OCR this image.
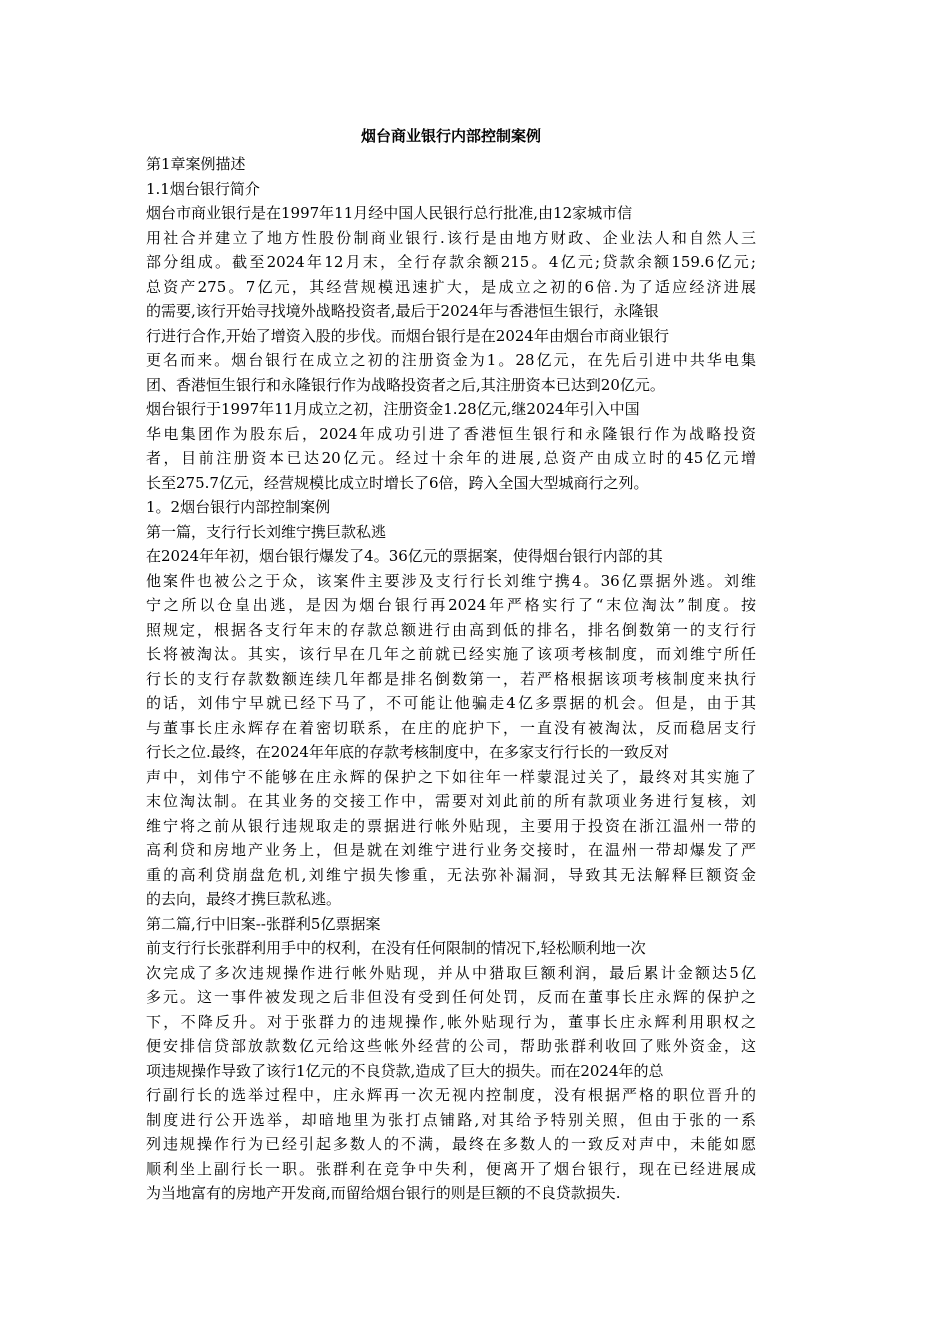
烟台商业银行内部控制案例
第1章案例描述
1.1烟台银行简介
烟台市商业银行是在1997年11月经中国人民银行总行批准,由12家城市信
用社合并建立了地方性股份制商业银行.该行是由地方财政、企业法人和自然人三
部分组成。截至2024年12月末，全行存款余额215。4亿元;贷款余额159.6亿元;
总资产275。7亿元，其经营规模迅速扩大，是成立之初的6倍.为了适应经济进展
的需要,该行开始寻找境外战略投资者,最后于2024年与香港恒生银行，永隆银
行进行合作,开始了增资入股的步伐。而烟台银行是在2024年由烟台市商业银行
更名而来。烟台银行在成立之初的注册资金为1。28亿元，在先后引进中共华电集
团、香港恒生银行和永隆银行作为战略投资者之后,其注册资本已达到20亿元。
烟台银行于1997年11月成立之初，注册资金1.28亿元,继2024年引入中国
华电集团作为股东后，2024年成功引进了香港恒生银行和永隆银行作为战略投资
者，目前注册资本已达20亿元。经过十余年的进展,总资产由成立时的45亿元增
长至275.7亿元，经营规模比成立时增长了6倍，跨入全国大型城商行之列。
1。2烟台银行内部控制案例
第一篇，支行行长刘维宁携巨款私逃
在2024年年初，烟台银行爆发了4。36亿元的票据案，使得烟台银行内部的其
他案件也被公之于众，该案件主要涉及支行行长刘维宁携4。36亿票据外逃。刘维
宁之所以仓皇出逃，是因为烟台银行再2024年严格实行了“末位淘汰”制度。按
照规定，根据各支行年末的存款总额进行由高到低的排名，排名倒数第一的支行行
长将被淘汰。其实，该行早在几年之前就已经实施了该项考核制度，而刘维宁所任
行长的支行存款数额连续几年都是排名倒数第一，若严格根据该项考核制度来执行
的话，刘伟宁早就已经下马了，不可能让他骗走4亿多票据的机会。但是，由于其
与董事长庄永辉存在着密切联系，在庄的庇护下，一直没有被淘汰，反而稳居支行
行长之位.最终，在2024年年底的存款考核制度中，在多家支行行长的一致反对
声中，刘伟宁不能够在庄永辉的保护之下如往年一样蒙混过关了，最终对其实施了
末位淘汰制。在其业务的交接工作中，需要对刘此前的所有款项业务进行复核，刘
维宁将之前从银行违规取走的票据进行帐外贴现，主要用于投资在浙江温州一带的
高利贷和房地产业务上，但是就在刘维宁进行业务交接时，在温州一带却爆发了严
重的高利贷崩盘危机,刘维宁损失惨重，无法弥补漏洞，导致其无法解释巨额资金
的去向，最终才携巨款私逃。
第二篇,行中旧案--张群利5亿票据案
前支行行长张群利用手中的权利，在没有任何限制的情况下,轻松顺利地一次
次完成了多次违规操作进行帐外贴现，并从中猎取巨额利润，最后累计金额达5亿
多元。这一事件被发现之后非但没有受到任何处罚，反而在董事长庄永辉的保护之
下，不降反升。对于张群力的违规操作,帐外贴现行为，董事长庄永辉利用职权之
便安排信贷部放款数亿元给这些帐外经营的公司，帮助张群利收回了账外资金，这
项违规操作导致了该行1亿元的不良贷款,造成了巨大的损失。而在2024年的总
行副行长的选举过程中，庄永辉再一次无视内控制度，没有根据严格的职位晋升的
制度进行公开选举，却暗地里为张打点铺路,对其给予特别关照，但由于张的一系
列违规操作行为已经引起多数人的不满，最终在多数人的一致反对声中，未能如愿
顺利坐上副行长一职。张群利在竞争中失利，便离开了烟台银行，现在已经进展成
为当地富有的房地产开发商,而留给烟台银行的则是巨额的不良贷款损失.
